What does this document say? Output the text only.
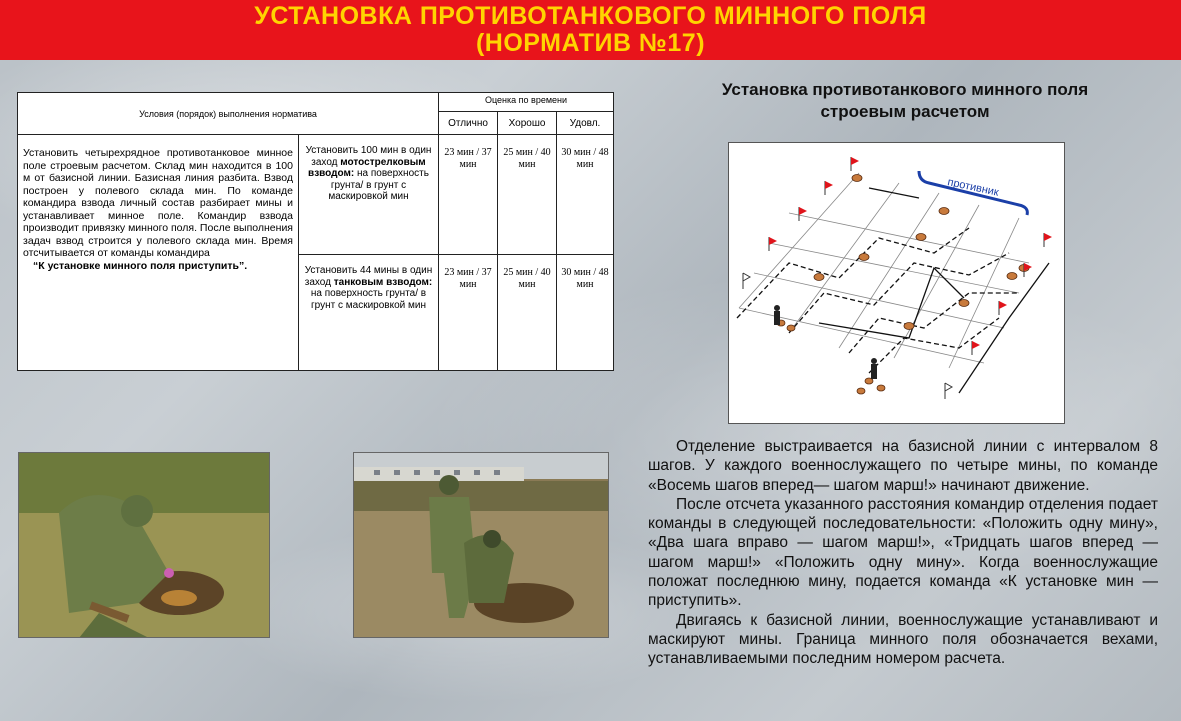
УСТАНОВКА ПРОТИВОТАНКОВОГО МИННОГО ПОЛЯ
(НОРМАТИВ №17)
Условия (порядок) выполнения норматива		Оценка по времени		
		Отлично	Хорошо	Удовл.
Установить четырехрядное противотанковое минное поле строевым расчетом. Склад мин находится в 100 м от базисной линии. Базисная линия разбита. Взвод построен у полевого склада мин. По команде командира взвода личный состав разбирает мины и устанавливает минное поле. Командир взвода производит привязку минного поля. После выполнения задач взвод строится у полевого склада мин. Время отсчитывается от команды командира
“К установке минного поля приступить”.	Установить 100 мин в один заход мотострелковым взводом: на поверхность грунта/ в грунт с маскировкой мин	23 мин / 37 мин	25 мин / 40 мин	30 мин / 48 мин
	Установить 44 мины в один заход танковым взводом: на поверхность грунта/ в грунт с маскировкой мин	23 мин / 37 мин	25 мин / 40 мин	30 мин / 48 мин
Установка противотанкового минного поля
строевым расчетом
противник

Отделение выстраивается на базисной линии с интервалом 8 шагов. У каждого военнослужащего по четыре мины, по команде «Восемь шагов вперед— шагом марш!» начинают движение.

После отсчета указанного расстояния командир отделения подает команды в следующей последовательности: «Положить одну мину», «Два шага вправо — шагом марш!», «Тридцать шагов вперед — шагом марш!» «Положить одну мину». Когда военнослужащие положат последнюю мину, подается команда «К установке мин — приступить».

Двигаясь к базисной линии, военнослужащие устанавливают и маскируют мины. Граница минного поля обозначается вехами, устанавливаемыми последним номером расчета.
